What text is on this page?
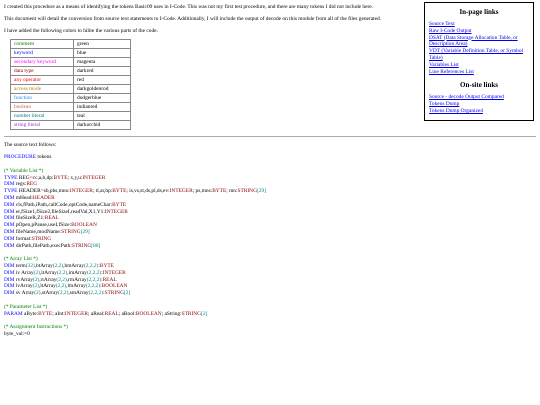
I created this procedure as a means of identifying the tokens Basic09 uses in I-Code. This was not my first test procedure, and there are many tokens I did not include here.

This document will detail the conversion from source text statements to I-Code. Additionally, I will include the output of decode on this module from all of the files generated.

I have added the following colors to hilite the various parts of the code.

comment	green
keyword	blue
secondary keyword	magenta
data type	darkred
any operator	red
access mode	darkgoldenrod
function	dodgerblue
boolean	indianred
number literal	teal
string literal	darkorchid

The source text follows:

PROCEDURE tokens
(* Variable List *)
TYPE REG=cc,a,b,dp:BYTE; x,y,u:INTEGER
DIM regs:REG
TYPE HEADER=sb,pbs,mno:INTEGER; tl,ar,hp:BYTE; is,vs,st,ds,pl,ds,ev:INTEGER; ps,mns:BYTE; mn:STRING[29]
DIM mHead:HEADER
DIM cls,fPath,iPath,callCode,optCode,nameChar:BYTE
DIM er,fSize1,fSize2,fileSizeI,readVal,X1,Y1:INTEGER
DIM fileSizeR,Z1:REAL
DIM pOpen,pPause,useI,fSize:BOOLEAN
DIM fileName,modName:STRING[29]
DIM format:STRING
DIM dirPath,filePath,execPath:STRING[80]
(* Array List *)
DIM term(32),btArray(2,2),bmArray(2,2,2):BYTE
DIM iv Array(2),itArray(2,2),imArray(2,2,2):INTEGER
DIM rvArray(2),rtArray(2,2),rmArray(2,2,2):REAL
DIM lvArray(2),ltArray(2,2),lmArray(2,2,2):BOOLEAN
DIM sv Array(2),stArray(2,2),smArray(2,2,2):STRING[2]
(* Parameter List *)
PARAM aByte:BYTE; aInt:INTEGER; aReal:REAL; aBool:BOOLEAN; aString:STRING[2]
(* Assignment Instructions *)
byte_val:=0
In-page links
Source Text
Raw I-Code Output
DSAT (Data Storage Allocation Table, or Description Area)
VDT (Variable Definition Table, or Symbol Table)
Variables List
Line References List
On-site links
Source - decode Output Compared
Tokens Dump
Tokens Dump Organized
